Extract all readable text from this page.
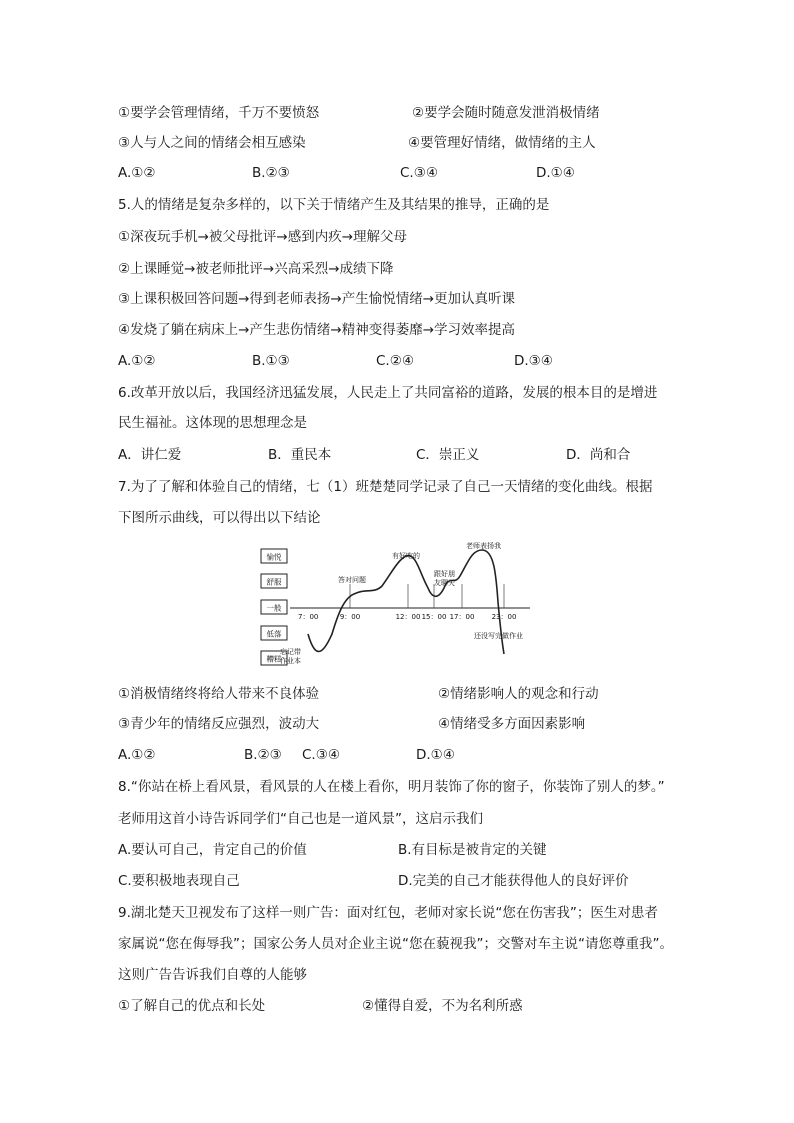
①要学会管理情绪，千万不要愤怒	②要学会随时随意发泄消极情绪
③人与人之间的情绪会相互感染	④要管理好情绪，做情绪的主人
A.①②	B.②③	C.③④	D.①④
5.人的情绪是复杂多样的，以下关于情绪产生及其结果的推导，正确的是
①深夜玩手机→被父母批评→感到内疚→理解父母
②上课睡觉→被老师批评→兴高采烈→成绩下降
③上课积极回答问题→得到老师表扬→产生愉悦情绪→更加认真听课
④发烧了躺在病床上→产生悲伤情绪→精神变得萎靡→学习效率提高
A.①②	B.①③	C.②④	D.③④
6.改革开放以后，我国经济迅猛发展，人民走上了共同富裕的道路，发展的根本目的是增进
民生福祉。这体现的思想理念是
A．讲仁爱	B．重民本	C．崇正义	D．尚和合
7.为了了解和体验自己的情绪，七（1）班楚楚同学记录了自己一天情绪的变化曲线。根据
下图所示曲线，可以得出以下结论
愉悦
舒服
一般
低落
糟糕
7：00	9：00	12：00 15：00 17：00 23：00
忘记带
作业本
答对问题
有好吃的
跟好朋
友聊天
老师表扬我
还没写完做作业
①消极情绪终将给人带来不良体验	②情绪影响人的观念和行动
③青少年的情绪反应强烈，波动大	④情绪受多方面因素影响
A.①②	B.②③ C.③④	D.①④
8.“你站在桥上看风景，看风景的人在楼上看你，明月装饰了你的窗子，你装饰了别人的梦。”
老师用这首小诗告诉同学们“自己也是一道风景”，这启示我们
A.要认可自己，肯定自己的价值	B.有目标是被肯定的关键
C.要积极地表现自己	D.完美的自己才能获得他人的良好评价
9.湖北楚天卫视发布了这样一则广告：面对红包，老师对家长说“您在伤害我”；医生对患者
家属说“您在侮辱我”；国家公务人员对企业主说“您在藐视我”；交警对车主说“请您尊重我”。
这则广告告诉我们自尊的人能够
①了解自己的优点和长处	②懂得自爱，不为名利所惑
